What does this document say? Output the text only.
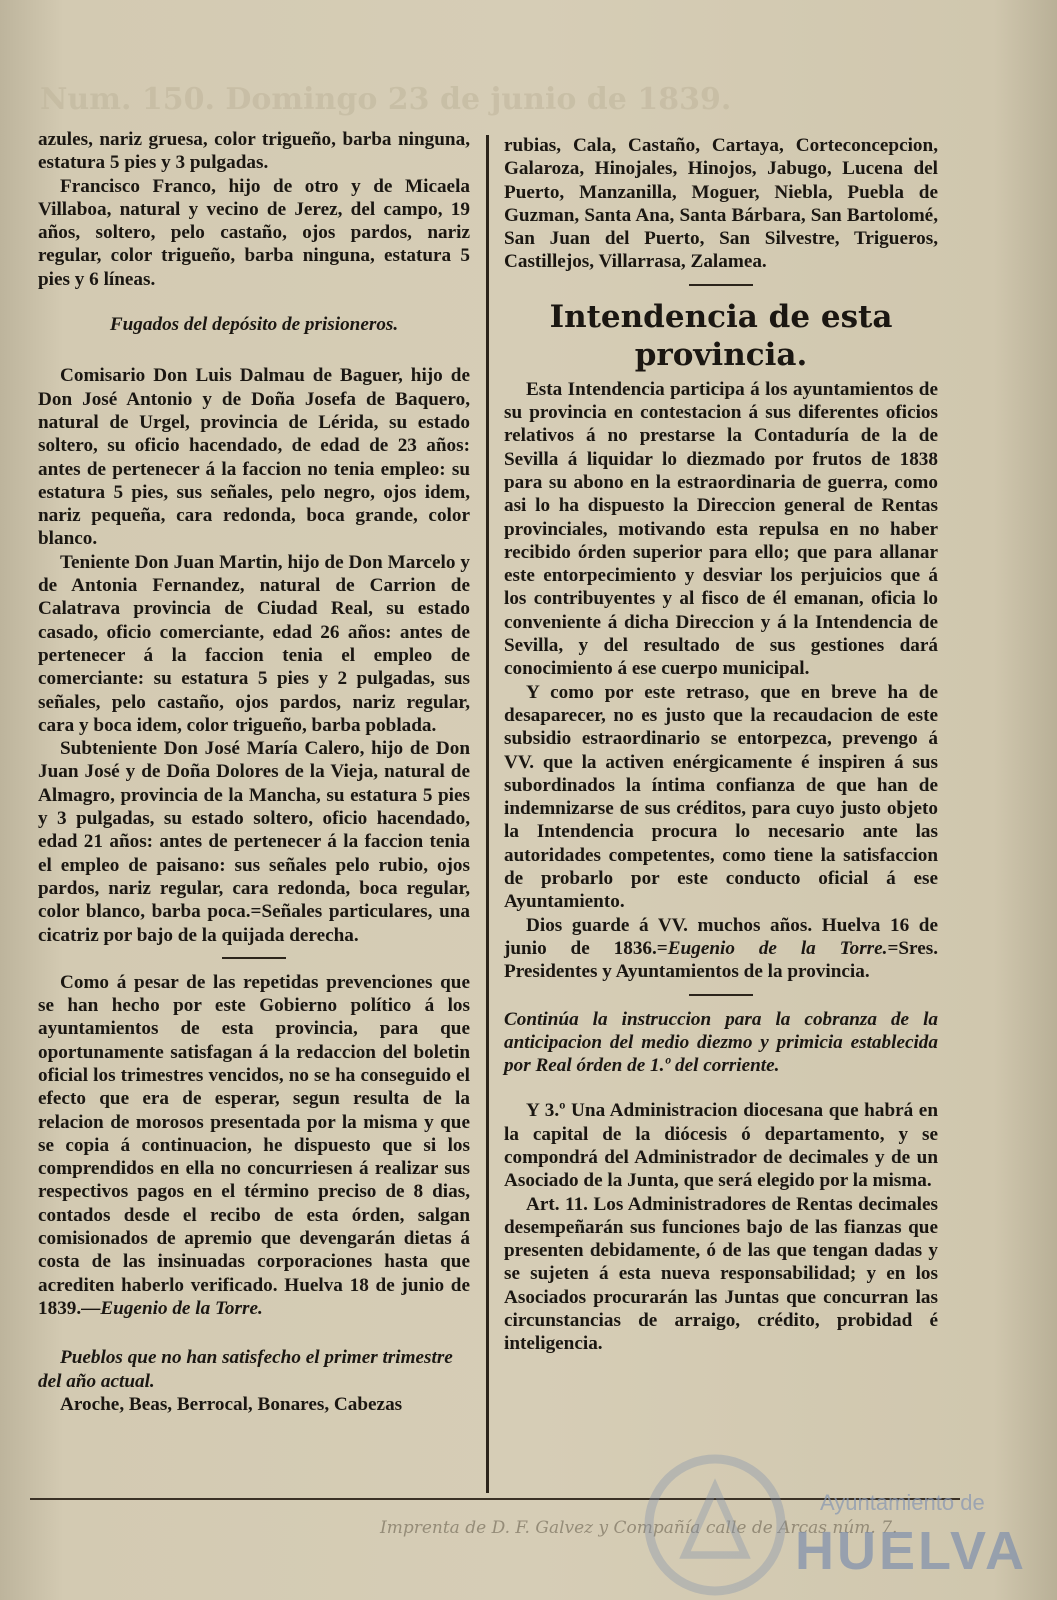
Num. 150. Domingo 23 de junio de 1839.

azules, nariz gruesa, color trigueño, barba ninguna, estatura 5 pies y 3 pulgadas.

Francisco Franco, hijo de otro y de Micaela Villaboa, natural y vecino de Jerez, del campo, 19 años, soltero, pelo castaño, ojos pardos, nariz regular, color trigueño, barba ninguna, estatura 5 pies y 6 líneas.

Fugados del depósito de prisioneros.

Comisario Don Luis Dalmau de Baguer, hijo de Don José Antonio y de Doña Josefa de Baquero, natural de Urgel, provincia de Lérida, su estado soltero, su oficio hacendado, de edad de 23 años: antes de pertenecer á la faccion no tenia empleo: su estatura 5 pies, sus señales, pelo negro, ojos idem, nariz pequeña, cara redonda, boca grande, color blanco.

Teniente Don Juan Martin, hijo de Don Marcelo y de Antonia Fernandez, natural de Carrion de Calatrava provincia de Ciudad Real, su estado casado, oficio comerciante, edad 26 años: antes de pertenecer á la faccion tenia el empleo de comerciante: su estatura 5 pies y 2 pulgadas, sus señales, pelo castaño, ojos pardos, nariz regular, cara y boca idem, color trigueño, barba poblada.

Subteniente Don José María Calero, hijo de Don Juan José y de Doña Dolores de la Vieja, natural de Almagro, provincia de la Mancha, su estatura 5 pies y 3 pulgadas, su estado soltero, oficio hacendado, edad 21 años: antes de pertenecer á la faccion tenia el empleo de paisano: sus señales pelo rubio, ojos pardos, nariz regular, cara redonda, boca regular, color blanco, barba poca.=Señales particulares, una cicatriz por bajo de la quijada derecha.

Como á pesar de las repetidas prevenciones que se han hecho por este Gobierno político á los ayuntamientos de esta provincia, para que oportunamente satisfagan á la redaccion del boletin oficial los trimestres vencidos, no se ha conseguido el efecto que era de esperar, segun resulta de la relacion de morosos presentada por la misma y que se copia á continuacion, he dispuesto que si los comprendidos en ella no concurriesen á realizar sus respectivos pagos en el término preciso de 8 dias, contados desde el recibo de esta órden, salgan comisionados de apremio que devengarán dietas á costa de las insinuadas corporaciones hasta que acrediten haberlo verificado. Huelva 18 de junio de 1839.—Eugenio de la Torre.

Pueblos que no han satisfecho el primer trimestre del año actual.

Aroche, Beas, Berrocal, Bonares, Cabezas

rubias, Cala, Castaño, Cartaya, Corteconcepcion, Galaroza, Hinojales, Hinojos, Jabugo, Lucena del Puerto, Manzanilla, Moguer, Niebla, Puebla de Guzman, Santa Ana, Santa Bárbara, San Bartolomé, San Juan del Puerto, San Silvestre, Trigueros, Castillejos, Villarrasa, Zalamea.

Intendencia de esta provincia.

Esta Intendencia participa á los ayuntamientos de su provincia en contestacion á sus diferentes oficios relativos á no prestarse la Contaduría de la de Sevilla á liquidar lo diezmado por frutos de 1838 para su abono en la estraordinaria de guerra, como asi lo ha dispuesto la Direccion general de Rentas provinciales, motivando esta repulsa en no haber recibido órden superior para ello; que para allanar este entorpecimiento y desviar los perjuicios que á los contribuyentes y al fisco de él emanan, oficia lo conveniente á dicha Direccion y á la Intendencia de Sevilla, y del resultado de sus gestiones dará conocimiento á ese cuerpo municipal.

Y como por este retraso, que en breve ha de desaparecer, no es justo que la recaudacion de este subsidio estraordinario se entorpezca, prevengo á VV. que la activen enérgicamente é inspiren á sus subordinados la íntima confianza de que han de indemnizarse de sus créditos, para cuyo justo objeto la Intendencia procura lo necesario ante las autoridades competentes, como tiene la satisfaccion de probarlo por este conducto oficial á ese Ayuntamiento.

Dios guarde á VV. muchos años. Huelva 16 de junio de 1836.=Eugenio de la Torre.=Sres. Presidentes y Ayuntamientos de la provincia.

Continúa la instruccion para la cobranza de la anticipacion del medio diezmo y primicia establecida por Real órden de 1.º del corriente.

Y 3.º Una Administracion diocesana que habrá en la capital de la diócesis ó departamento, y se compondrá del Administrador de decimales y de un Asociado de la Junta, que será elegido por la misma.

Art. 11. Los Administradores de Rentas decimales desempeñarán sus funciones bajo de las fianzas que presenten debidamente, ó de las que tengan dadas y se sujeten á esta nueva responsabilidad; y en los Asociados procurarán las Juntas que concurran las circunstancias de arraigo, crédito, probidad é inteligencia.

Imprenta de D. F. Galvez y Compañía calle de Arcas núm. 7.
Ayuntamiento de
HUELVA
